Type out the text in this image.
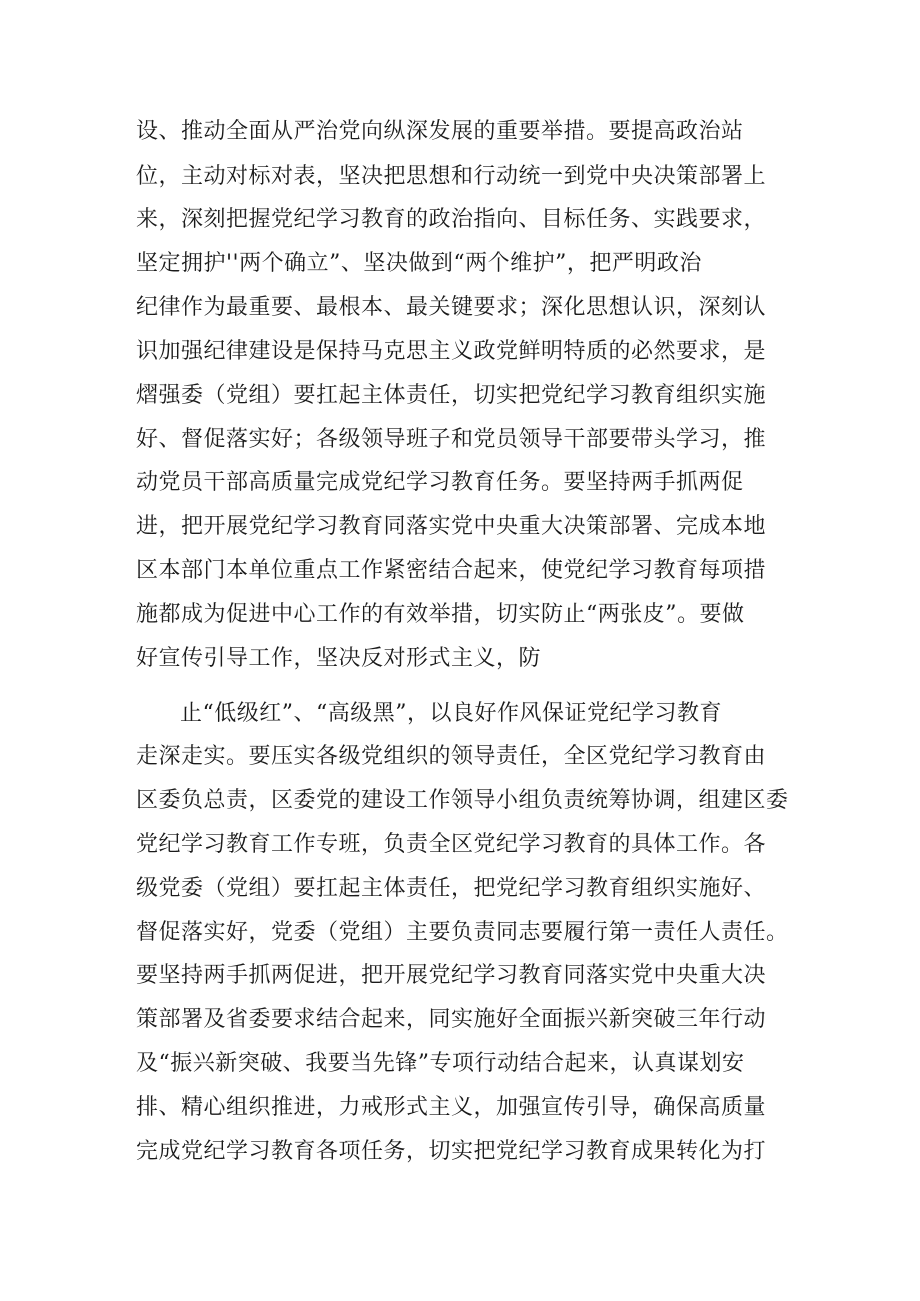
设、推动全面从严治党向纵深发展的重要举措。要提高政治站
位，主动对标对表，坚决把思想和行动统一到党中央决策部署上
来，深刻把握党纪学习教育的政治指向、目标任务、实践要求，
坚定拥护''两个确立”、坚决做到“两个维护”，把严明政治
纪律作为最重要、最根本、最关键要求；深化思想认识，深刻认
识加强纪律建设是保持马克思主义政党鲜明特质的必然要求，是
熠强委（党组）要扛起主体责任，切实把党纪学习教育组织实施
好、督促落实好；各级领导班子和党员领导干部要带头学习，推
动党员干部高质量完成党纪学习教育任务。要坚持两手抓两促
进，把开展党纪学习教育同落实党中央重大决策部署、完成本地
区本部门本单位重点工作紧密结合起来，使党纪学习教育每项措
施都成为促进中心工作的有效举措，切实防止“两张皮”。要做
好宣传引导工作，坚决反对形式主义，防
止“低级红”、“高级黑”，以良好作风保证党纪学习教育
走深走实。要压实各级党组织的领导责任，全区党纪学习教育由
区委负总责，区委党的建设工作领导小组负责统筹协调，组建区委
党纪学习教育工作专班，负责全区党纪学习教育的具体工作。各
级党委（党组）要扛起主体责任，把党纪学习教育组织实施好、
督促落实好，党委（党组）主要负责同志要履行第一责任人责任。
要坚持两手抓两促进，把开展党纪学习教育同落实党中央重大决
策部署及省委要求结合起来，同实施好全面振兴新突破三年行动
及“振兴新突破、我要当先锋”专项行动结合起来，认真谋划安
排、精心组织推进，力戒形式主义，加强宣传引导，确保高质量
完成党纪学习教育各项任务，切实把党纪学习教育成果转化为打
